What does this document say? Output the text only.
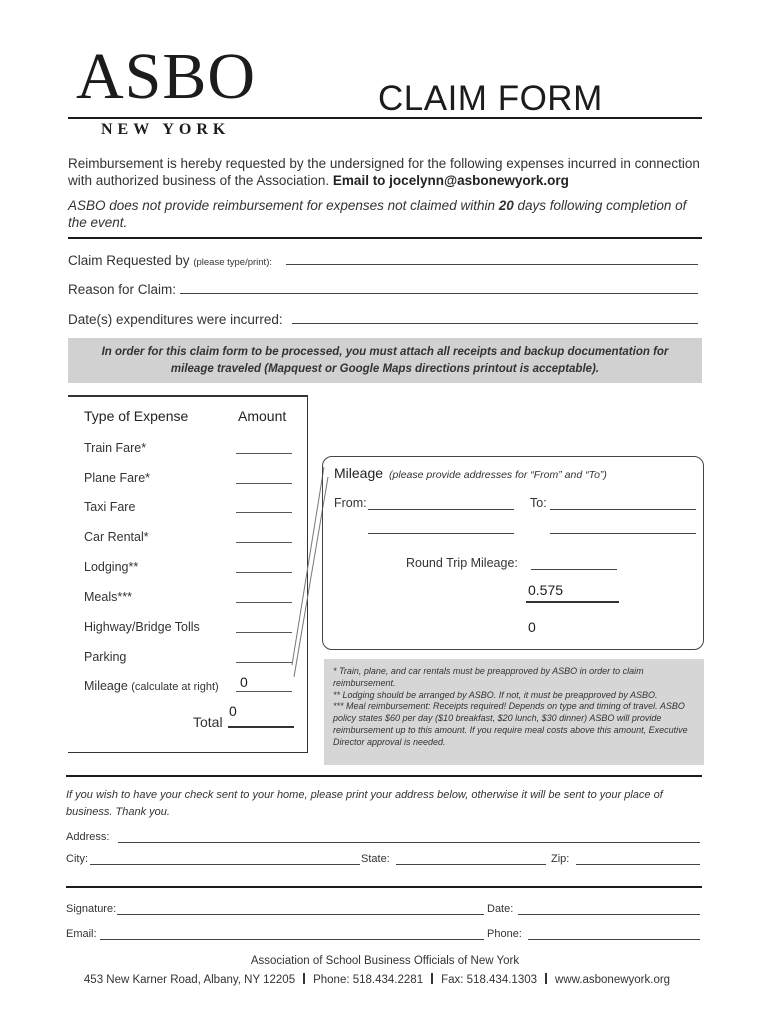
ASBO
NEW YORK
CLAIM FORM
Reimbursement is hereby requested by the undersigned for the following expenses incurred in connection with authorized business of the Association. Email to jocelynn@asbonewyork.org
ASBO does not provide reimbursement for expenses not claimed within 20 days following completion of the event.
Claim Requested by (please type/print):
Reason for Claim:
Date(s) expenditures were incurred:
In order for this claim form to be processed, you must attach all receipts and backup documentation for
mileage traveled (Mapquest or Google Maps directions printout is acceptable).
Type of Expense	Amount
Train Fare*
Plane Fare*
Taxi Fare
Car Rental*
Lodging**
Meals***
Highway/Bridge Tolls
Parking
Mileage (calculate at right) 0
Total
0
Mileage (please provide addresses for “From” and “To”)
From:	To:
Round Trip Mileage:
0.575
0
* Train, plane, and car rentals must be preapproved by ASBO in order to claim reimbursement.
** Lodging should be arranged by ASBO. If not, it must be preapproved by ASBO.
*** Meal reimbursement: Receipts required! Depends on type and timing of travel. ASBO policy states $60 per day ($10 breakfast, $20 lunch, $30 dinner) ASBO will provide reimbursement up to this amount. If you require meal costs above this amount, Executive Director approval is needed.
If you wish to have your check sent to your home, please print your address below, otherwise it will be sent to your place of business. Thank you.
Address:
City:	State:	Zip:
Signature:	Date:
Email:	Phone:
Association of School Business Officials of New York
453 New Karner Road, Albany, NY 12205 Phone: 518.434.2281 Fax: 518.434.1303 www.asbonewyork.org
